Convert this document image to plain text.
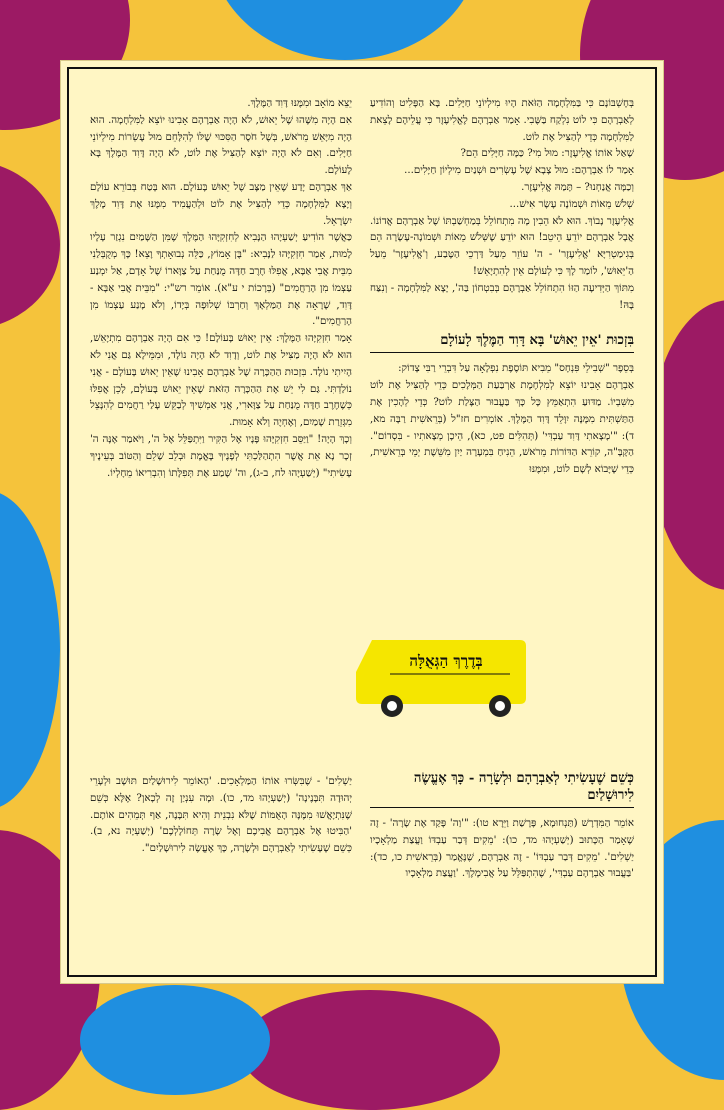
בְּחֶשְׁבּוֹנָם כִּי בַּמִּלְחָמָה הַזֹּאת הָיוּ מִילְיוֹנֵי חַיָּלִים. בָּא הַפָּלִיט וְהוֹדִיעַ לְאַבְרָהָם כִּי לוֹט נִלְקַח בַּשֶּׁבִי. אָמַר אַבְרָהָם לֶאֱלִיעֶזֶר כִּי עֲלֵיהֶם לָצֵאת לַמִּלְחָמָה כְּדֵי לְהַצִּיל אֶת לוֹט.

שָׁאַל אוֹתוֹ אֱלִיעֶזֶר: מוּל מִי? כַּמָּה חַיָּלִים הֵם?

אָמַר לוֹ אַבְרָהָם: מוּל צָבָא שֶׁל עֶשְׂרִים וּשְׁנַיִם מִילְיוֹן חַיָּלִים...

וְכַמָּה אֲנַחְנוּ? – תָּמַהּ אֱלִיעֶזֶר.

שְׁלֹשׁ מֵאוֹת וּשְׁמוֹנָה עָשָׂר אִישׁ...

אֱלִיעֶזֶר נָבוֹךְ. הוּא לֹא הֵבִין מָה מִתְחוֹלֵל בְּמַחְשַׁבְתּוֹ שֶׁל אַבְרָהָם אֲדוֹנוֹ. אֲבָל אַבְרָהָם יוֹדֵעַ הֵיטֵב! הוּא יוֹדֵעַ שֶׁשְּׁלֹשׁ מֵאוֹת וּשְׁמוֹנָה-עָשָׂרָה הֵם בְּגִימַטְרִיָּא 'אֱלִיעֶזֶר' - ה' עוֹזֵר מֵעַל דַּרְכֵי הַטֶּבַע, וְ'אֱלִיעֶזֶר' מֵעַל הַ'יֵּאוּשׁ', לוֹמַר לָךְ כִּי לְעוֹלָם אֵין לְהִתְיָאֵשׁ!

מִתּוֹךְ הַיְּדִיעָה הַזּוֹ הִתְחוֹלֵל אַבְרָהָם בְּבִטְחוֹן בַּה', יָצָא לַמִּלְחָמָה - וְנִצַּח בָּהּ!

בִּזְכוּת 'אֵין יֵאוּשׁ' בָּא דָּוִד הַמֶּלֶךְ לָעוֹלָם

בְּסֵפֶר "שְׁבִילֵי פִּנְחָס" מֵבִיא תּוֹסֶפֶת נִפְלָאָה עַל דִּבְרֵי רַבִּי צָדוֹק:

אַבְרָהָם אָבִינוּ יוֹצֵא לְמִלְחֶמֶת אַרְבַּעַת הַמְּלָכִים כְּדֵי לְהַצִּיל אֶת לוֹט מִשִּׁבְיוֹ. מַדּוּעַ הִתְאַמֵּץ כָּל כָּךְ בַּעֲבוּר הַצָּלַת לוֹט? כְּדֵי לְהָכִין אֶת הַתַּשְׁתִּית מִמֶּנָּה יִוָּלֵד דָּוִד הַמֶּלֶךְ. אוֹמְרִים חז"ל (בְּרֵאשִׁית רַבָּה מא, ד): "'מָצָאתִי דָּוִד עַבְדִּי' (תְּהִלִּים פט, כא), הֵיכָן מְצָאתִיו - בִּסְדוֹם". הַקָּבָּ"ה, קוֹרֵא הַדּוֹרוֹת מֵרֹאשׁ, הֵנִיחַ בִּמְעָרָה יַיִן מִשֵּׁשֶׁת יְמֵי בְּרֵאשִׁית, כְּדֵי שֶׁיָּבוֹא לְשָׁם לוֹט, וּמִמֶּנּוּ

יֵצֵא מוֹאָב וּמִמֶּנּוּ דָּוִד הַמֶּלֶךְ.

אִם הָיָה מִשֶּׁהוּ שֶׁל יֵאוּשׁ, לֹא הָיָה אַבְרָהָם אָבִינוּ יוֹצֵא לַמִּלְחָמָה. הוּא הָיָה מִיָּאֵשׁ מֵרֹאשׁ, בְּשֶׁל חֹסֶר הַסִּכּוּי שֶׁלּוֹ לְהִלָּחֵם מוּל עֶשְׂרוֹת מִילְיוֹנֵי חַיָּלִים. וְאִם לֹא הָיָה יוֹצֵא לְהַצִּיל אֶת לוֹט, לֹא הָיָה דָּוִד הַמֶּלֶךְ בָּא לָעוֹלָם.

אַךְ אַבְרָהָם יָדַע שֶׁאֵין מַצָּב שֶׁל יֵאוּשׁ בָּעוֹלָם. הוּא בָּטַח בְּבוֹרֵא עוֹלָם וְיָצָא לַמִּלְחָמָה כְּדֵי לְהַצִּיל אֶת לוֹט וּלְהַעֲמִיד מִמֶּנּוּ אֶת דָּוִד מֶלֶךְ יִשְׂרָאֵל.

כַּאֲשֶׁר הוֹדִיעַ יְשַׁעְיָהוּ הַנָּבִיא לְחִזְקִיָּהוּ הַמֶּלֶךְ שֶׁמִּן הַשָּׁמַיִם נִגְזַר עָלָיו לָמוּת, אָמַר חִזְקִיָּהוּ לַנָּבִיא: "בֶּן אָמוֹץ, כַּלֵּה נְבוּאָתְךָ וָצֵא! כָּךְ מְקֻבְּלַנִי מִבֵּית אֲבִי אַבָּא, אֲפִלּוּ חֶרֶב חַדָּה מֻנַּחַת עַל צַוָּארוֹ שֶׁל אָדָם, אַל יִמְנַע עַצְמוֹ מִן הָרַחֲמִים" (בְּרָכוֹת י ע"א). אוֹמֵר רש"י: "מִבֵּית אֲבִי אַבָּא - דָּוִד, שֶׁרָאָה אֶת הַמַּלְאָךְ וְחַרְבּוֹ שְׁלוּפָה בְּיָדוֹ, וְלֹא מָנַע עַצְמוֹ מִן הָרַחֲמִים".

אָמַר חִזְקִיָּהוּ הַמֶּלֶךְ: אֵין יֵאוּשׁ בָּעוֹלָם! כִּי אִם הָיָה אַבְרָהָם מִתְיָאֵשׁ, הוּא לֹא הָיָה מַצִּיל אֶת לוֹט, וְדָוִד לֹא הָיָה נוֹלָד, וּמִמֵּילָא גַּם אֲנִי לֹא הָיִיתִי נוֹלָד. בִּזְכוּת הַהַכָּרָה שֶׁל אַבְרָהָם אָבִינוּ שֶׁאֵין יֵאוּשׁ בָּעוֹלָם - אֲנִי נוֹלַדְתִּי. גַּם לִי יֵשׁ אֶת הַהַכָּרָה הַזֹּאת שֶׁאֵין יֵאוּשׁ בָּעוֹלָם, לָכֵן אֲפִלּוּ כְּשֶׁחֶרֶב חַדָּה מֻנַּחַת עַל צַוָּארִי, אֲנִי אַמְשִׁיךְ לְבַקֵּשׁ עָלַי רַחֲמִים לְהִנָּצֵל מִגְּזֵרַת שָׁמַיִם, וְאֶחְיֶה וְלֹא אָמוּת.

וְכָךְ הָיָה! "וַיַּסֵּב חִזְקִיָּהוּ פָּנָיו אֶל הַקִּיר וַיִּתְפַּלֵּל אֶל ה', וַיֹּאמַר אָנָּה ה' זְכָר נָא אֵת אֲשֶׁר הִתְהַלַּכְתִּי לְפָנֶיךָ בֶּאֱמֶת וּבְלֵב שָׁלֵם וְהַטּוֹב בְּעֵינֶיךָ עָשִׂיתִי" (יְשַׁעְיָהוּ לח, ב-ג), וה' שָׁמַע אֶת תְּפִלָּתוֹ וְהִבְרִיאוֹ מֵחָלְיוֹ.

בְּדֶרֶךְ הַגְּאֻלָּה
כְּשֵׁם שֶׁעָשִׂיתִי לְאַבְרָהָם וּלְשָׂרָה - כָּךְ אֶעֱשֶׂה לִירוּשָׁלַיִם

אוֹמֵר הַמִּדְרָשׁ (תַּנְחוּמָא, פָּרָשַׁת וַיֵּרָא טו): "'וַה' פָּקַד אֶת שָׂרָה' - זֶה שֶׁאָמַר הַכָּתוּב (יְשַׁעְיָהוּ מד, כו): 'מֵקִים דְּבַר עַבְדּוֹ וַעֲצַת מַלְאָכָיו יַשְׁלִים'. 'מֵקִים דְּבַר עַבְדּוֹ' - זֶה אַבְרָהָם, שֶׁנֶּאֱמַר (בְּרֵאשִׁית כו, כד): 'בַּעֲבוּר אַבְרָהָם עַבְדִּי', שֶׁהִתְפַּלֵּל עַל אֲבִימֶלֶךְ. 'וַעֲצַת מַלְאָכָיו

יַשְׁלִים' - שֶׁבִּשְּׂרוּ אוֹתוֹ הַמַּלְאָכִים. 'הָאוֹמֵר לִירוּשָׁלַיִם תּוּשָׁב וּלְעָרֵי יְהוּדָה תִּבָּנֶינָה' (יְשַׁעְיָהוּ מד, כו). וּמָה עִנְיַן זֶה לְכָאן? אֶלָּא כְּשֵׁם שֶׁנִּתְיָאֲשׁוּ מִמֶּנָּה הָאֻמּוֹת שֶׁלֹּא נִבְנֵית וְהִיא תִּבָּנֶה, אַף תְּמֵהִים אוֹתָם. 'הַבִּיטוּ אֶל אַבְרָהָם אֲבִיכֶם וְאֶל שָׂרָה תְּחוֹלֶלְכֶם' (יְשַׁעְיָה נא, ב). כְּשֵׁם שֶׁעָשִׂיתִי לְאַבְרָהָם וּלְשָׂרָה, כָּךְ אֶעֱשֶׂה לִירוּשָׁלַיִם".
